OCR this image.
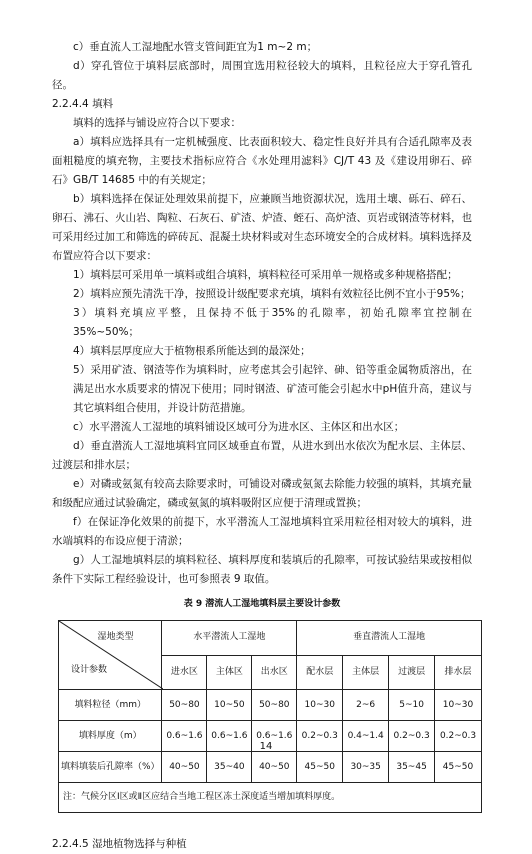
c）垂直流人工湿地配水管支管间距宜为1 m~2 m；

d）穿孔管位于填料层底部时，周围宜选用粒径较大的填料，且粒径应大于穿孔管孔径。

2.2.4.4 填料

填料的选择与铺设应符合以下要求：

a）填料应选择具有一定机械强度、比表面积较大、稳定性良好并具有合适孔隙率及表面粗糙度的填充物，主要技术指标应符合《水处理用滤料》CJ/T 43 及《建设用卵石、碎石》GB/T 14685 中的有关规定；

b）填料选择在保证处理效果前提下，应兼顾当地资源状况，选用土壤、砾石、碎石、卵石、沸石、火山岩、陶粒、石灰石、矿渣、炉渣、蛭石、高炉渣、页岩或钢渣等材料，也可采用经过加工和筛选的碎砖瓦、混凝土块材料或对生态环境安全的合成材料。填料选择及布置应符合以下要求：

1）填料层可采用单一填料或组合填料，填料粒径可采用单一规格或多种规格搭配；

2）填料应预先清洗干净，按照设计级配要求充填，填料有效粒径比例不宜小于95%；

3）填料充填应平整，且保持不低于35%的孔隙率，初始孔隙率宜控制在35%~50%；

4）填料层厚度应大于植物根系所能达到的最深处；

5）采用矿渣、钢渣等作为填料时，应考虑其会引起锌、砷、铅等重金属物质溶出，在满足出水水质要求的情况下使用；同时钢渣、矿渣可能会引起水中pH值升高，建议与其它填料组合使用，并设计防范措施。

c）水平潜流人工湿地的填料铺设区域可分为进水区、主体区和出水区；

d）垂直潜流人工湿地填料宜同区域垂直布置，从进水到出水依次为配水层、主体层、过渡层和排水层；

e）对磷或氨氮有较高去除要求时，可铺设对磷或氨氮去除能力较强的填料，其填充量和级配应通过试验确定，磷或氨氮的填料吸附区应便于清理或置换；

f）在保证净化效果的前提下，水平潜流人工湿地填料宜采用粒径相对较大的填料，进水端填料的布设应便于清淤；

g）人工湿地填料层的填料粒径、填料厚度和装填后的孔隙率，可按试验结果或按相似条件下实际工程经验设计，也可参照表 9 取值。

表 9 潜流人工湿地填料层主要设计参数

湿地类型
设计参数	水平潜流人工湿地			垂直潜流人工湿地			
	进水区	主体区	出水区	配水层	主体层	过渡层	排水层
填料粒径（mm）	50~80	10~50	50~80	10~30	2~6	5~10	10~30
填料厚度（m）	0.6~1.6	0.6~1.6	0.6~1.6	0.2~0.3	0.4~1.4	0.2~0.3	0.2~0.3
填料填装后孔隙率（%）	40~50	35~40	40~50	45~50	30~35	35~45	45~50
注：气候分区Ⅰ区或Ⅱ区应结合当地工程区冻土深度适当增加填料厚度。							

2.2.4.5 湿地植物选择与种植

14
